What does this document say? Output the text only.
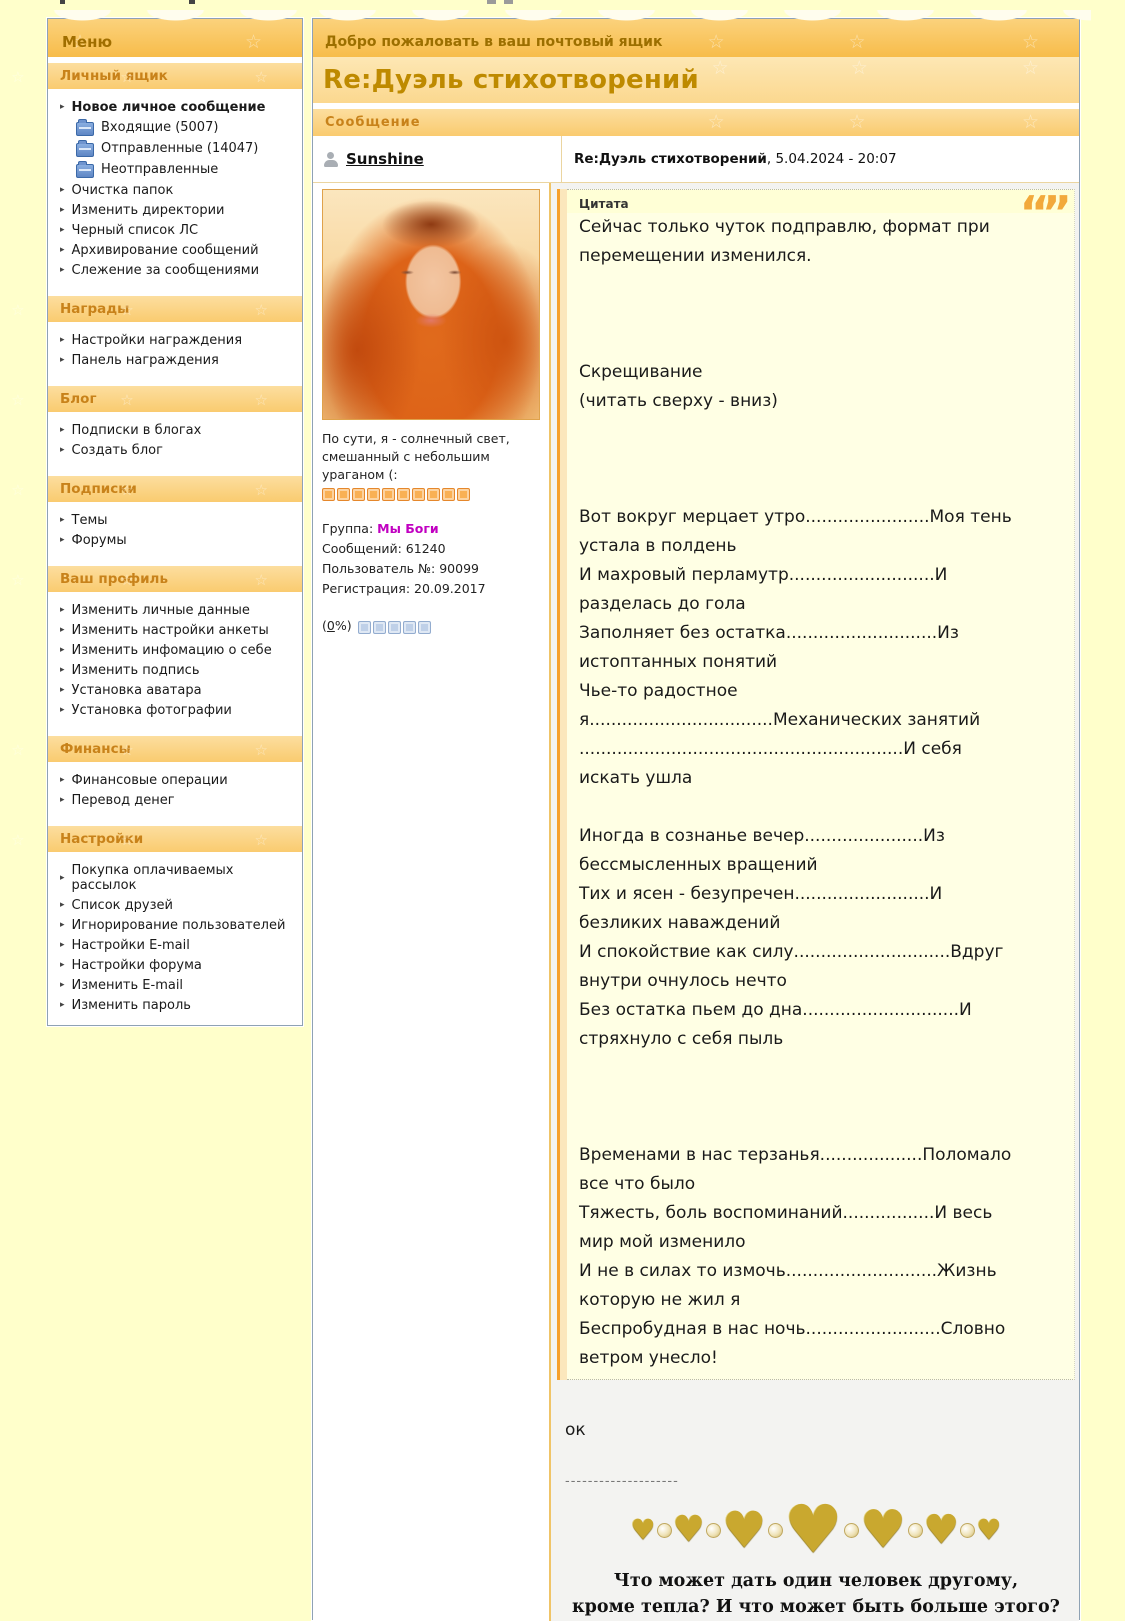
Меню ☆ ☆ ☆
Личный ящик ☆ ☆ ☆
▸ Новое личное сообщение
Входящие (5007)
Отправленные (14047)
Неотправленные
▸ Очистка папок
▸ Изменить директории
▸ Черный список ЛС
▸ Архивирование сообщений
▸ Слежение за сообщениями
Награды ☆ ☆ ☆
▸ Настройки награждения
▸ Панель награждения
Блог ☆ ☆ ☆
▸ Подписки в блогах
▸ Создать блог
Подписки ☆ ☆ ☆
▸ Темы
▸ Форумы
Ваш профиль ☆ ☆ ☆
▸ Изменить личные данные
▸ Изменить настройки анкеты
▸ Изменить инфомацию о себе
▸ Изменить подпись
▸ Установка аватара
▸ Установка фотографии
Финансы ☆ ☆ ☆
▸ Финансовые операции
▸ Перевод денег
Настройки ☆ ☆ ☆
▸ Покупка оплачиваемых рассылок
▸ Список друзей
▸ Игнорирование пользователей
▸ Настройки E-mail
▸ Настройки форума
▸ Изменить E-mail
▸ Изменить пароль
Добро пожаловать в ваш почтовый ящик ☆ ☆ ☆
Re:Дуэль стихотворений
☆ ☆ ☆
Сообщение ☆ ☆ ☆
Sunshine	Re:Дуэль стихотворений , 5.04.2024 - 20:07
По сути, я - солнечный свет,
смешанный с небольшим ураганом (:
Группа: Мы Боги
Сообщений: 61240
Пользователь №: 90099
Регистрация: 20.09.2017
(0%)
Цитата	“”
Сейчас только чуток подправлю, формат при перемещении изменился.
Скрещивание
(читать сверху - вниз)
Вот вокруг мерцает утро.......................Моя тень устала в полдень
И махровый перламутр...........................И разделась до гола
Заполняет без остатка............................Из истоптанных понятий
Чье-то радостное я..................................Механических занятий
............................................................И себя искать ушла
Иногда в сознанье вечер......................Из бессмысленных вращений
Тих и ясен - безупречен.........................И безликих наваждений
И спокойствие как силу.............................Вдруг внутри очнулось нечто
Без остатка пьем до дна.............................И стряхнуло с себя пыль
Временами в нас терзанья...................Поломало все что было
Тяжесть, боль воспоминаний.................И весь мир мой изменило
И не в силах то измочь............................Жизнь которую не жил я
Беспробудная в нас ночь.........................Словно ветром унесло!
ок
--------------------
♥ ♥ ♥ ♥ ♥ ♥ ♥
Что может дать один человек другому,
кроме тепла? И что может быть больше этого?
